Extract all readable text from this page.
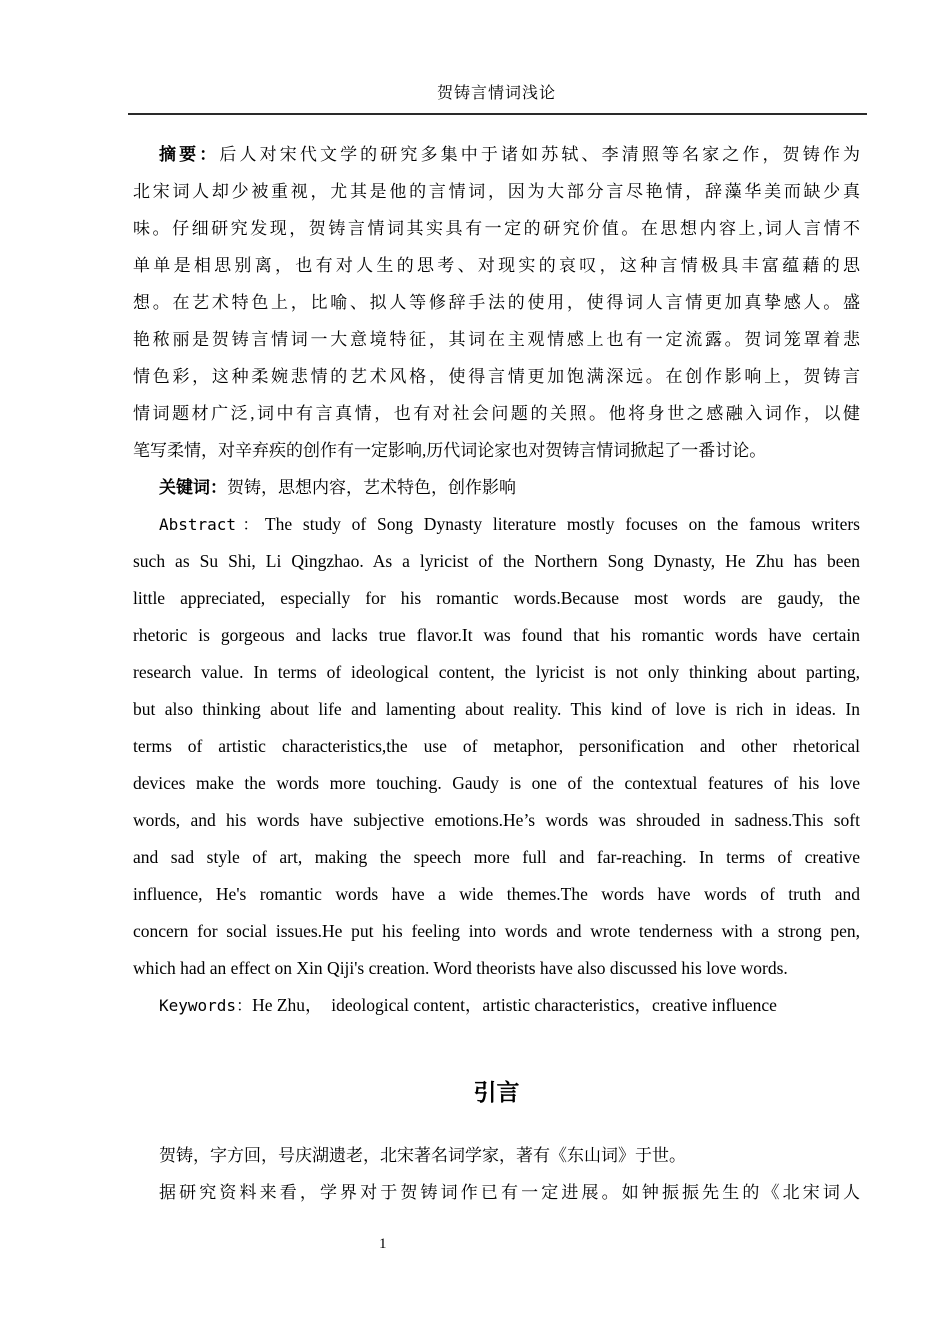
贺铸言情词浅论
摘要：后人对宋代文学的研究多集中于诸如苏轼、李清照等名家之作，贺铸作为
北宋词人却少被重视，尤其是他的言情词，因为大部分言尽艳情，辞藻华美而缺少真
味。仔细研究发现，贺铸言情词其实具有一定的研究价值。在思想内容上,词人言情不
单单是相思别离，也有对人生的思考、对现实的哀叹，这种言情极具丰富蕴藉的思
想。在艺术特色上，比喻、拟人等修辞手法的使用，使得词人言情更加真挚感人。盛
艳秾丽是贺铸言情词一大意境特征，其词在主观情感上也有一定流露。贺词笼罩着悲
情色彩，这种柔婉悲情的艺术风格，使得言情更加饱满深远。在创作影响上，贺铸言
情词题材广泛,词中有言真情，也有对社会问题的关照。他将身世之感融入词作，以健
笔写柔情，对辛弃疾的创作有一定影响,历代词论家也对贺铸言情词掀起了一番讨论。
关键词：贺铸，思想内容，艺术特色，创作影响
Abstract：The study of Song Dynasty literature mostly focuses on the famous writers
such as Su Shi, Li Qingzhao. As a lyricist of the Northern Song Dynasty, He Zhu has been
little appreciated, especially for his romantic words.Because most words are gaudy, the
rhetoric is gorgeous and lacks true flavor.It was found that his romantic words have certain
research value. In terms of ideological content, the lyricist is not only thinking about parting,
but also thinking about life and lamenting about reality. This kind of love is rich in ideas. In
terms of artistic characteristics,the use of metaphor, personification and other rhetorical
devices make the words more touching. Gaudy is one of the contextual features of his love
words, and his words have subjective emotions.He’s words was shrouded in sadness.This soft
and sad style of art, making the speech more full and far-reaching. In terms of creative
influence, He's romantic words have a wide themes.The words have words of truth and
concern for social issues.He put his feeling into words and wrote tenderness with a strong pen,
which had an effect on Xin Qiji's creation. Word theorists have also discussed his love words.
Keywords：He Zhu，  ideological content，artistic characteristics，creative influence
引言
贺铸，字方回，号庆湖遗老，北宋著名词学家，著有《东山词》于世。
据研究资料来看，学界对于贺铸词作已有一定进展。如钟振振先生的《北宋词人
1
